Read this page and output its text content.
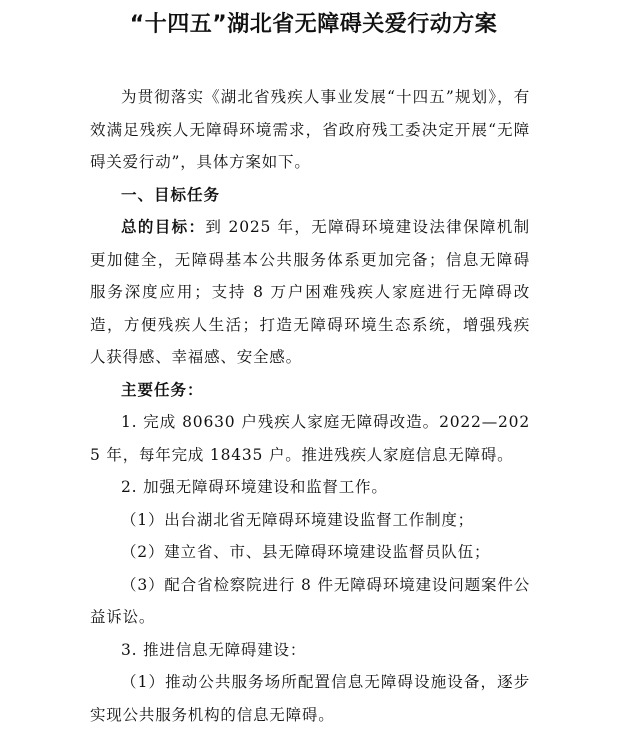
“十四五”湖北省无障碍关爱行动方案

为贯彻落实《湖北省残疾人事业发展“十四五”规划》，有效满足残疾人无障碍环境需求，省政府残工委决定开展“无障碍关爱行动”，具体方案如下。

一、目标任务

总的目标：到 2025 年，无障碍环境建设法律保障机制更加健全，无障碍基本公共服务体系更加完备；信息无障碍服务深度应用；支持 8 万户困难残疾人家庭进行无障碍改造，方便残疾人生活；打造无障碍环境生态系统，增强残疾人获得感、幸福感、安全感。

主要任务：

1. 完成 80630 户残疾人家庭无障碍改造。2022—2025 年，每年完成 18435 户。推进残疾人家庭信息无障碍。

2. 加强无障碍环境建设和监督工作。

（1）出台湖北省无障碍环境建设监督工作制度；

（2）建立省、市、县无障碍环境建设监督员队伍；

（3）配合省检察院进行 8 件无障碍环境建设问题案件公益诉讼。

3. 推进信息无障碍建设：

（1）推动公共服务场所配置信息无障碍设施设备，逐步实现公共服务机构的信息无障碍。
